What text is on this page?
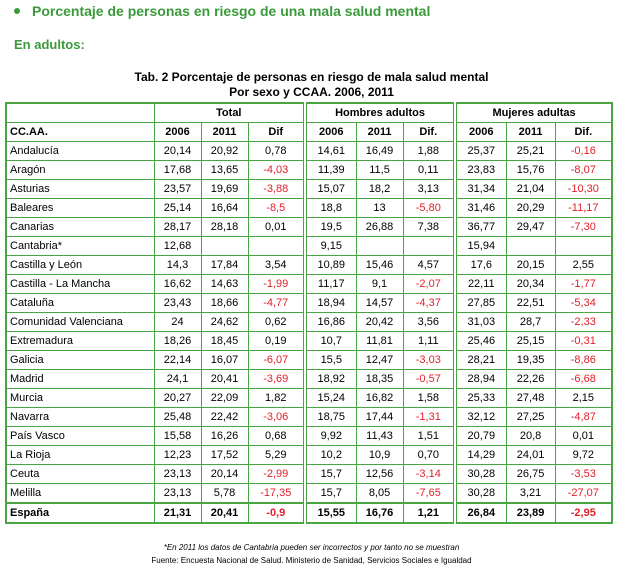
Porcentaje de personas en riesgo de una mala salud mental
En adultos:
Tab. 2 Porcentaje de personas en riesgo de mala salud mental
Por sexo y CCAA. 2006, 2011
	Total			Hombres adultos			Mujeres adultas		
CC.AA.	2006	2011	Dif	2006	2011	Dif.	2006	2011	Dif.
Andalucía	20,14	20,92	0,78	14,61	16,49	1,88	25,37	25,21	-0,16
Aragón	17,68	13,65	-4,03	11,39	11,5	0,11	23,83	15,76	-8,07
Asturias	23,57	19,69	-3,88	15,07	18,2	3,13	31,34	21,04	-10,30
Baleares	25,14	16,64	-8,5	18,8	13	-5,80	31,46	20,29	-11,17
Canarias	28,17	28,18	0,01	19,5	26,88	7,38	36,77	29,47	-7,30
Cantabria*	12,68			9,15			15,94		
Castilla y León	14,3	17,84	3,54	10,89	15,46	4,57	17,6	20,15	2,55
Castilla - La Mancha	16,62	14,63	-1,99	11,17	9,1	-2,07	22,11	20,34	-1,77
Cataluña	23,43	18,66	-4,77	18,94	14,57	-4,37	27,85	22,51	-5,34
Comunidad Valenciana	24	24,62	0,62	16,86	20,42	3,56	31,03	28,7	-2,33
Extremadura	18,26	18,45	0,19	10,7	11,81	1,11	25,46	25,15	-0,31
Galicia	22,14	16,07	-6,07	15,5	12,47	-3,03	28,21	19,35	-8,86
Madrid	24,1	20,41	-3,69	18,92	18,35	-0,57	28,94	22,26	-6,68
Murcia	20,27	22,09	1,82	15,24	16,82	1,58	25,33	27,48	2,15
Navarra	25,48	22,42	-3,06	18,75	17,44	-1,31	32,12	27,25	-4,87
País Vasco	15,58	16,26	0,68	9,92	11,43	1,51	20,79	20,8	0,01
La Rioja	12,23	17,52	5,29	10,2	10,9	0,70	14,29	24,01	9,72
Ceuta	23,13	20,14	-2,99	15,7	12,56	-3,14	30,28	26,75	-3,53
Melilla	23,13	5,78	-17,35	15,7	8,05	-7,65	30,28	3,21	-27,07
España	21,31	20,41	-0,9	15,55	16,76	1,21	26,84	23,89	-2,95
*En 2011 los datos de Cantabria pueden ser incorrectos y por tanto no se muestran
Fuente: Encuesta Nacional de Salud. Ministerio de Sanidad, Servicios Sociales e Igualdad
